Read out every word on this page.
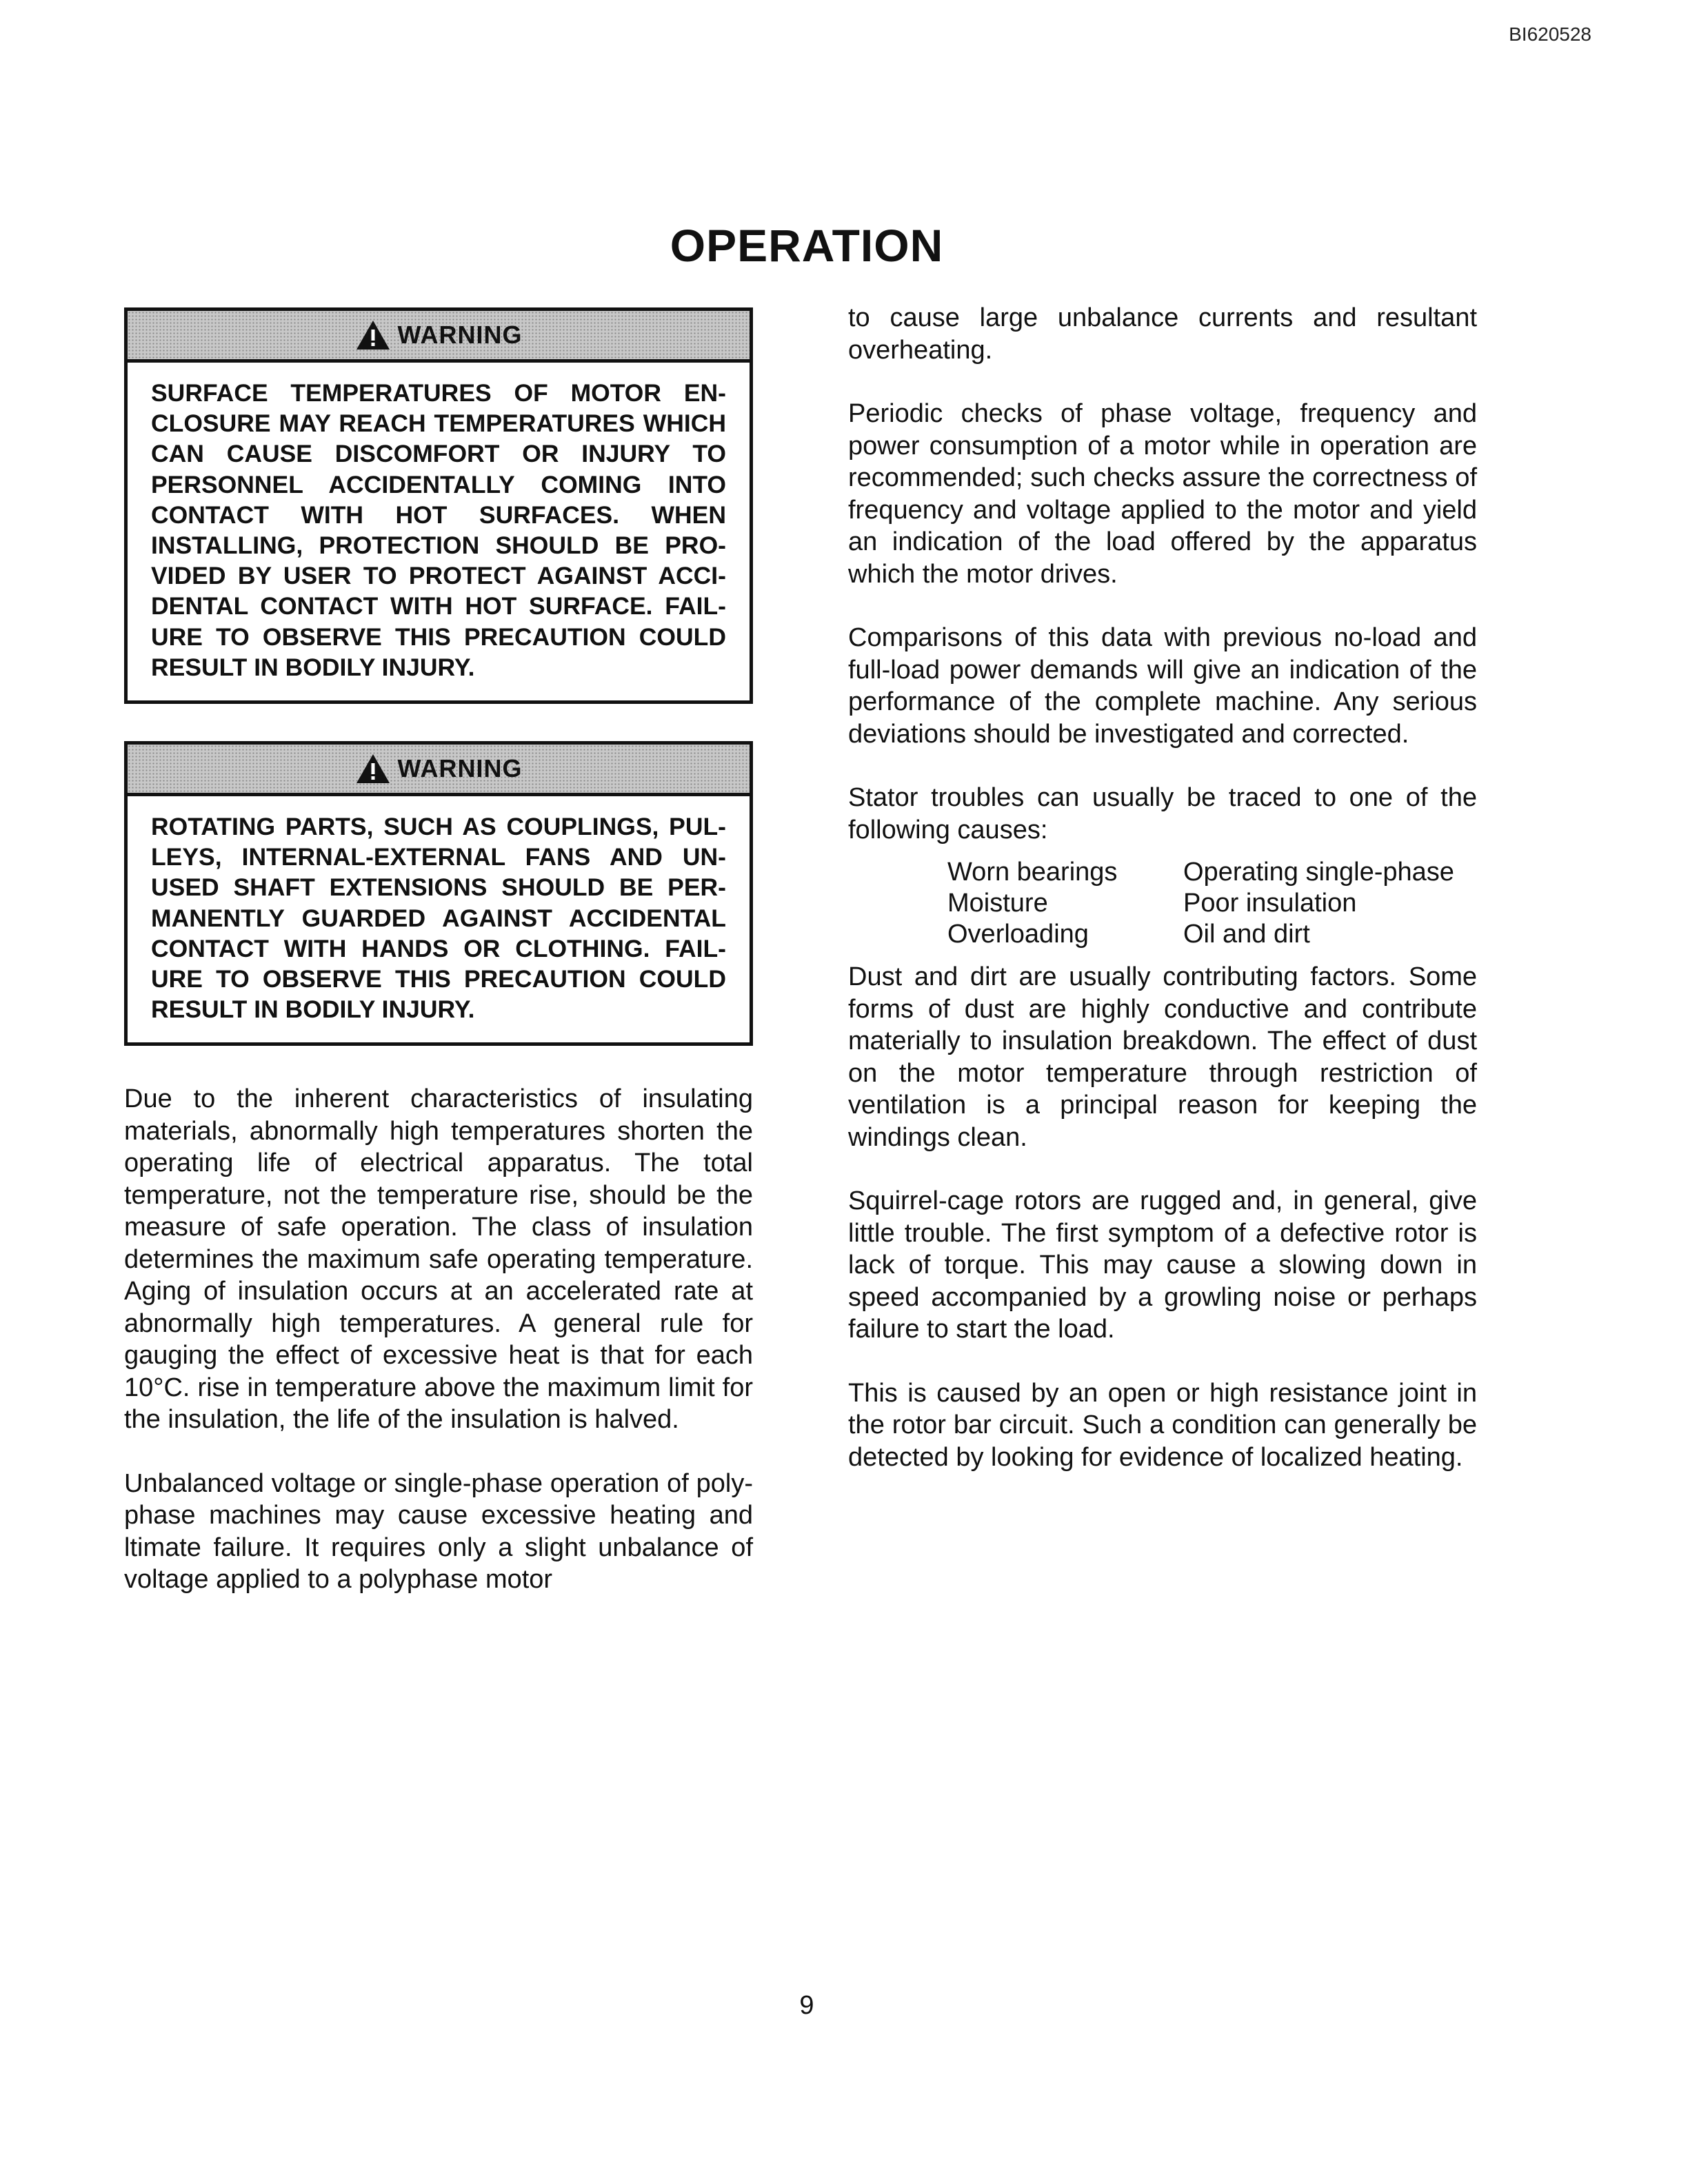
BI620528
OPERATION
WARNING
SURFACE TEMPERATURES OF MOTOR EN-CLOSURE MAY REACH TEMPERATURES WHICH CAN CAUSE DISCOMFORT OR INJURY TO PERSONNEL ACCIDENTALLY COMING INTO CONTACT WITH HOT SURFACES. WHEN INSTALLING, PROTECTION SHOULD BE PRO-VIDED BY USER TO PROTECT AGAINST ACCI-DENTAL CONTACT WITH HOT SURFACE. FAIL-URE TO OBSERVE THIS PRECAUTION COULD RESULT IN BODILY INJURY.
WARNING
ROTATING PARTS, SUCH AS COUPLINGS, PUL-LEYS, INTERNAL-EXTERNAL FANS AND UN-USED SHAFT EXTENSIONS SHOULD BE PER-MANENTLY GUARDED AGAINST ACCIDENTAL CONTACT WITH HANDS OR CLOTHING. FAIL-URE TO OBSERVE THIS PRECAUTION COULD RESULT IN BODILY INJURY.

Due to the inherent characteristics of insulating materials, abnormally high temperatures shorten the operating life of electrical apparatus. The total temperature, not the temperature rise, should be the measure of safe operation. The class of insulation determines the maximum safe operating temperature. Aging of insulation occurs at an accelerated rate at abnormally high temperatures. A general rule for gauging the effect of excessive heat is that for each 10°C. rise in temperature above the maximum limit for the insulation, the life of the insulation is halved.

Unbalanced voltage or single-phase operation of poly-phase machines may cause excessive heating and ltimate failure. It requires only a slight unbalance of voltage applied to a polyphase motor

to cause large unbalance currents and resultant overheating.

Periodic checks of phase voltage, frequency and power consumption of a motor while in operation are recommended; such checks assure the correctness of frequency and voltage applied to the motor and yield an indication of the load offered by the apparatus which the motor drives.

Comparisons of this data with previous no-load and full-load power demands will give an indication of the performance of the complete machine. Any serious deviations should be investigated and corrected.

Stator troubles can usually be traced to one of the following causes:

Worn bearings	Operating single-phase
Moisture	Poor insulation
Overloading	Oil and dirt

Dust and dirt are usually contributing factors. Some forms of dust are highly conductive and contribute materially to insulation breakdown. The effect of dust on the motor temperature through restriction of ventilation is a principal reason for keeping the windings clean.

Squirrel-cage rotors are rugged and, in general, give little trouble. The first symptom of a defective rotor is lack of torque. This may cause a slowing down in speed accompanied by a growling noise or perhaps failure to start the load.

This is caused by an open or high resistance joint in the rotor bar circuit. Such a condition can generally be detected by looking for evidence of localized heating.

9
